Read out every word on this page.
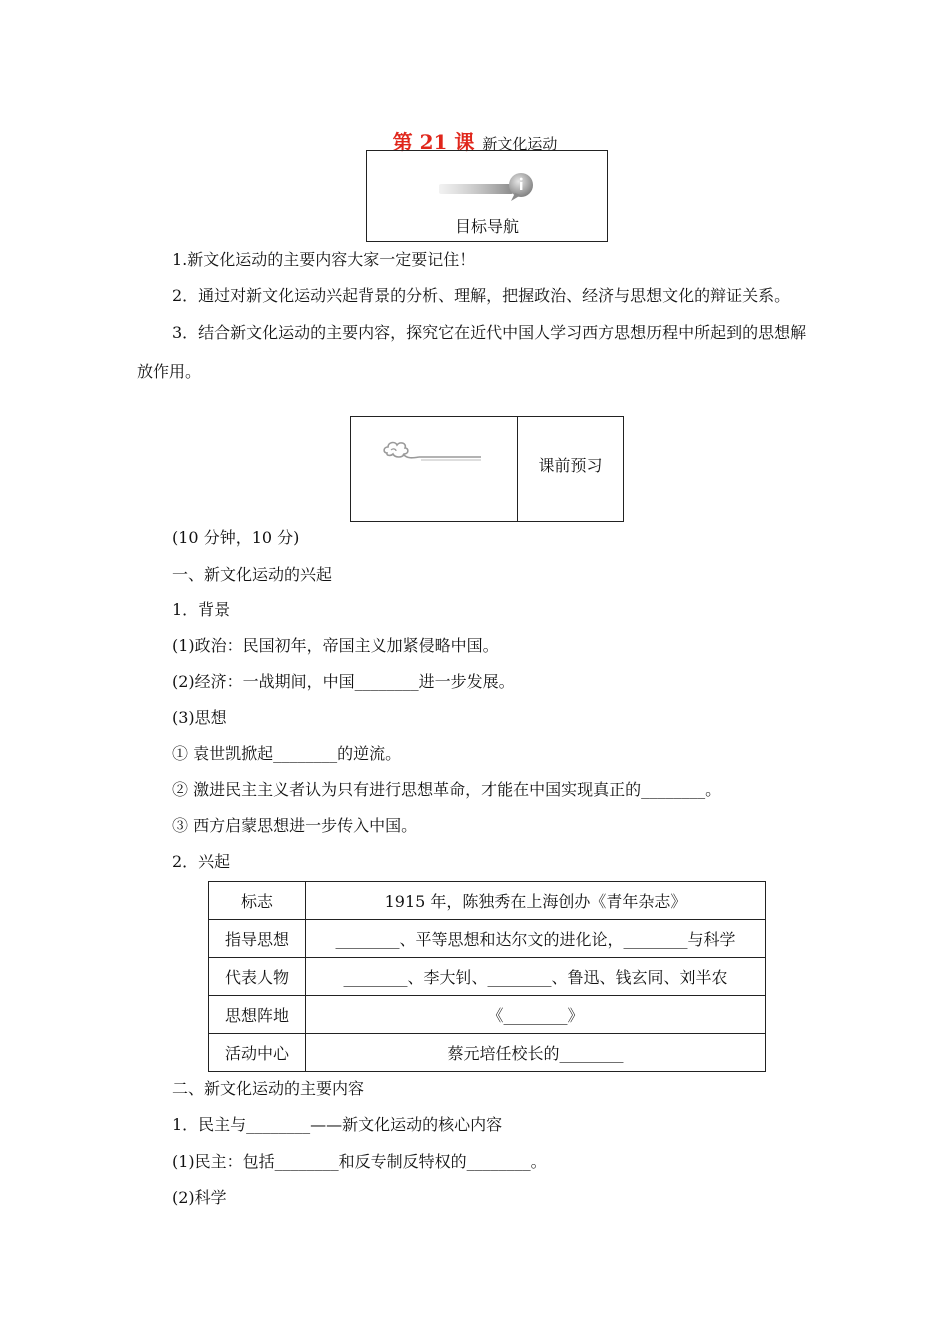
第 21 课 新文化运动
目标导航
1.新文化运动的主要内容大家一定要记住！
2．通过对新文化运动兴起背景的分析、理解，把握政治、经济与思想文化的辩证关系。
3．结合新文化运动的主要内容，探究它在近代中国人学习西方思想历程中所起到的思想解
放作用。
课前预习
(10 分钟，10 分)
一、新文化运动的兴起
1．背景
(1)政治：民国初年，帝国主义加紧侵略中国。
(2)经济：一战期间，中国________进一步发展。
(3)思想
① 袁世凯掀起________的逆流。
② 激进民主主义者认为只有进行思想革命，才能在中国实现真正的________。
③ 西方启蒙思想进一步传入中国。
2．兴起
标志	1915 年，陈独秀在上海创办《青年杂志》
指导思想	________、平等思想和达尔文的进化论，________与科学
代表人物	________、李大钊、________、鲁迅、钱玄同、刘半农
思想阵地	《________》
活动中心	蔡元培任校长的________
二、新文化运动的主要内容
1．民主与________——新文化运动的核心内容
(1)民主：包括________和反专制反特权的________。
(2)科学
